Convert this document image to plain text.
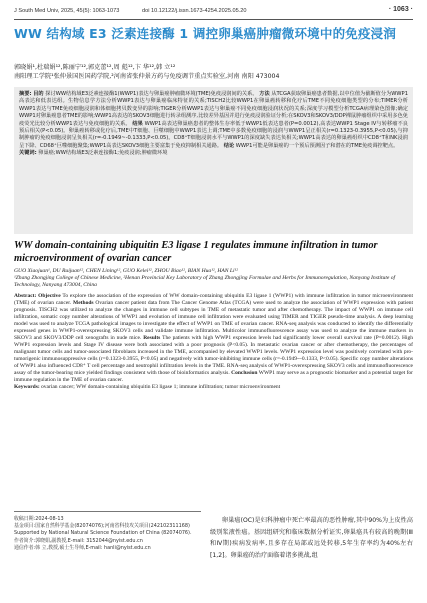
J South Med Univ, 2025, 45(5): 1063-1073	doi 10.12122/j.issn.1673-4254.2025.05.20	· 1063 ·
WW 结构域 E3 泛素连接酶 1 调控卵巢癌肿瘤微环境中的免疫浸润
郭晓娟¹,杜瑞娟¹²,陈丽宁¹²,郭克蕾¹²,周 彪¹²,卞 华¹²,韩 立¹²
南阳理工学院¹张仲景国医国药学院,²河南省张仲景方药与免疫调节重点实验室,河南 南阳 473004
摘要: 目的 探讨WW结构域E3泛素连接酶1(WWP1)表达与卵巢癌肿瘤微环境(TME)免疫浸润间的关系。 方法 从TCGA获取卵巢癌患者数据,以中位值为截断值分为WWP1高表达和低表达组。生物信息学方法分析WWP1表达与卵巢癌临床特征的关系;TISCH2比较WWP1在卵巢癌转移和化疗后TME不同免疫细胞类型的分布;TIMER分析WWP1表达与TME免疫细胞浸润和体细胞拷贝数变异的影响;TIGER分析WWP1表达与卵巢癌不同免疫细胞浸润状况的关系;深度学习模型分析TCGA病理染色图像;确定WWP1对卵巢癌患者TME的影响;WWP1高表达的SKOV3细胞进行转录组测序,比较差异基因并进行免疫浸润验证分析;在SKOV3和SKOV3/DDP裸鼠肿瘤组织中采用多色免疫荧光比较分析WWP1表达与免疫细胞的关系。 结果 WWP1高表达卵巢癌患者的整体生存率低于WWP1低表达患者(P=0.0012),高表达WWP1 Stage IV与转移瘤不良预后相关(P<0.05)。卵巢癌转移或化疗后,TME中T细胞、巨噬细胞中WWP1表达上调;TME中多数免疫细胞的浸润与WWP1呈正相关(r=0.1323-0.3955,P<0.05),与抑制肿瘤的免疫细胞浸润呈负相关(r=-0.1949~-0.1333,P<0.05)。CD8⁺T细胞浸润水平与WWP1的深度缺失表达负相关;WWP1高表达的卵巢癌组织中CD8⁺T和NK浸润呈下降、CD68⁺巨噬细胞聚集;WWP1高表达SKOV3细胞主要富集于免疫抑制相关通路。 结论 WWP1可能是卵巢癌的一个预后预测因子和潜在的TME免疫调控靶点。
关键词: 卵巢癌;WW结构域E3泛素连接酶1;免疫浸润;肿瘤微环境
WW domain-containing ubiquitin E3 ligase 1 regulates immune infiltration in tumor microenvironment of ovarian cancer
GUO Xiaojuan¹, DU Ruijuan¹², CHEN Lining¹², GUO Kelei¹², ZHOU Biao¹², BIAN Hua¹², HAN Li¹²
¹Zhang Zhongjing College of Chinese Medicine, ²Henan Provincial Key Laboratory of Zhang Zhongjing Formulae and Herbs for Immunoregulation, Nanyang Institute of Technology, Nanyang 473004, China
Abstract: Objective To explore the association of the expression of WW domain-containing ubiquitin E3 ligase 1 (WWP1) with immune infiltration in tumor microenvironment (TME) of ovarian cancer. Methods Ovarian cancer patient data from The Cancer Genome Atlas (TCGA) were used to analyze the association of WWP1 expression with patient prognosis. TISCH2 was utilized to analyze the changes in immune cell subtypes in TME of metastatic tumor and after chemotherapy. The impact of WWP1 on immune cell infiltration, somatic copy number alterations of WWP1 and evolution of immune cell infiltration were evaluated using TIMER and TIGER pseudo-time analysis. A deep learning model was used to analyze TCGA pathological images to investigate the effect of WWP1 on TME of ovarian cancer. RNA-seq analysis was conducted to identify the differentially expressed genes in WWP1-overexpressing SKOV3 cells and validate immune infiltration. Multicolor immunofluorescence assay was used to analyze the immune markers in SKOV3 and SKOV3/DDP cell xenografts in nude mice. Results The patients with high WWP1 expression levels had significantly lower overall survival rate (P=0.0012). High WWP1 expression levels and Stage IV disease were both associated with a poor prognosis (P<0.05). In metastatic ovarian cancer or after chemotherapy, the percentages of malignant tumor cells and tumor-associated fibroblasts increased in the TME, accompanied by elevated WWP1 levels. WWP1 expression level was positively correlated with pro-tumorigenic immunosuppressive cells (r=0.1323-0.3955, P<0.05) and negatively with tumor-inhibiting immune cells (r=-0.1949~-0.1333, P<0.05). Specific copy number alterations of WWP1 also influenced CD8⁺ T cell percentage and neutrophil infiltration levels in the TME. RNA-seq analysis of WWP1-overexpressing SKOV3 cells and immunofluorescence assay of the tumor-bearing mice yielded findings consistent with those of bioinformatics analysis. Conclusion WWP1 may serve as a prognostic biomarker and a potential target for immune regulation in the TME of ovarian cancer.
Keywords: ovarian cancer; WW domain-containing ubiquitin E3 ligase 1; immune infiltration; tumor microenvironment

收稿日期:2024-08-13

基金项目:国家自然科学基金(82074076);河南省科技攻关项目(242102311168)

Supported by National Natural Science Foundation of China (82074076).

作者简介:郭晓娟,副教授,E-mail: 3152044@nyist.edu.cn

通信作者:韩 立,教授,硕士生导师,E-mail: hanli@nyist.edu.cn

卵巢癌(OC)是妇科肿瘤中死亡率最高的恶性肿瘤,其中90%为上皮性高级别浆液性癌。基因组研究和临床数据分析证实,卵巢癌具有较高的晚期(Ⅲ和Ⅳ期)疾病发病率,且多存在局部或远处转移,5年生存率约为40%左右[1,2]。卵巢癌的治疗面临着诸多挑战,组
